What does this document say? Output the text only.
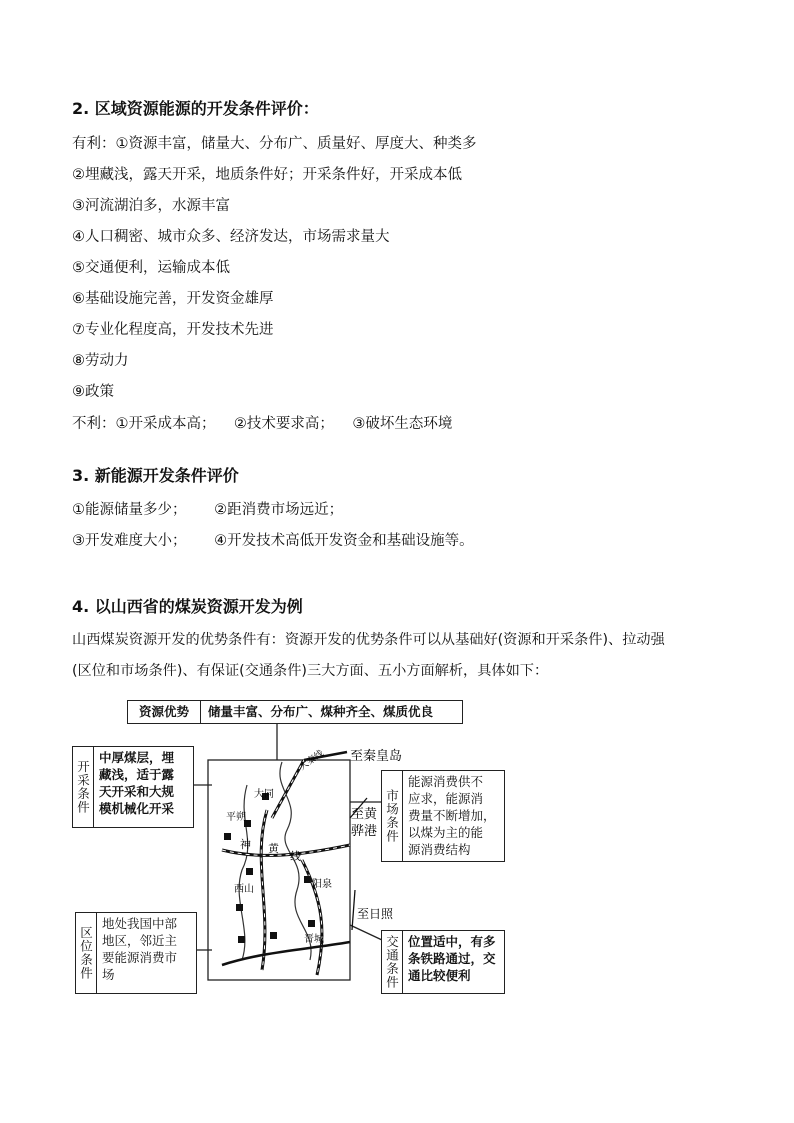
2. 区域资源能源的开发条件评价：
有利：①资源丰富，储量大、分布广、质量好、厚度大、种类多
②埋藏浅，露天开采，地质条件好；开采条件好，开采成本低
③河流湖泊多，水源丰富
④人口稠密、城市众多、经济发达，市场需求量大
⑤交通便利，运输成本低
⑥基础设施完善，开发资金雄厚
⑦专业化程度高，开发技术先进
⑧劳动力
⑨政策
不利：①开采成本高；    ②技术要求高；    ③破坏生态环境
3. 新能源开发条件评价
①能源储量多少；      ②距消费市场远近；
③开发难度大小；      ④开发技术高低开发资金和基础设施等。
4. 以山西省的煤炭资源开发为例
山西煤炭资源开发的优势条件有：资源开发的优势条件可以从基础好(资源和开采条件)、拉动强
(区位和市场条件)、有保证(交通条件)三大方面、五小方面解析，具体如下：
至秦皇岛
大秦线
至黄
骅港
至日照
大同
平朔
神 黄
线
西山	阳泉
晋城
资源优势	储量丰富、分布广、煤种齐全、煤质优良
开采条件
中厚煤层，埋
藏浅，适于露
天开采和大规
模机械化开采
区位条件
地处我国中部
地区，邻近主
要能源消费市
场
市场条件
能源消费供不
应求，能源消
费量不断增加，
以煤为主的能
源消费结构
交通条件 位置适中，有多
条铁路通过，交
通比较便利
